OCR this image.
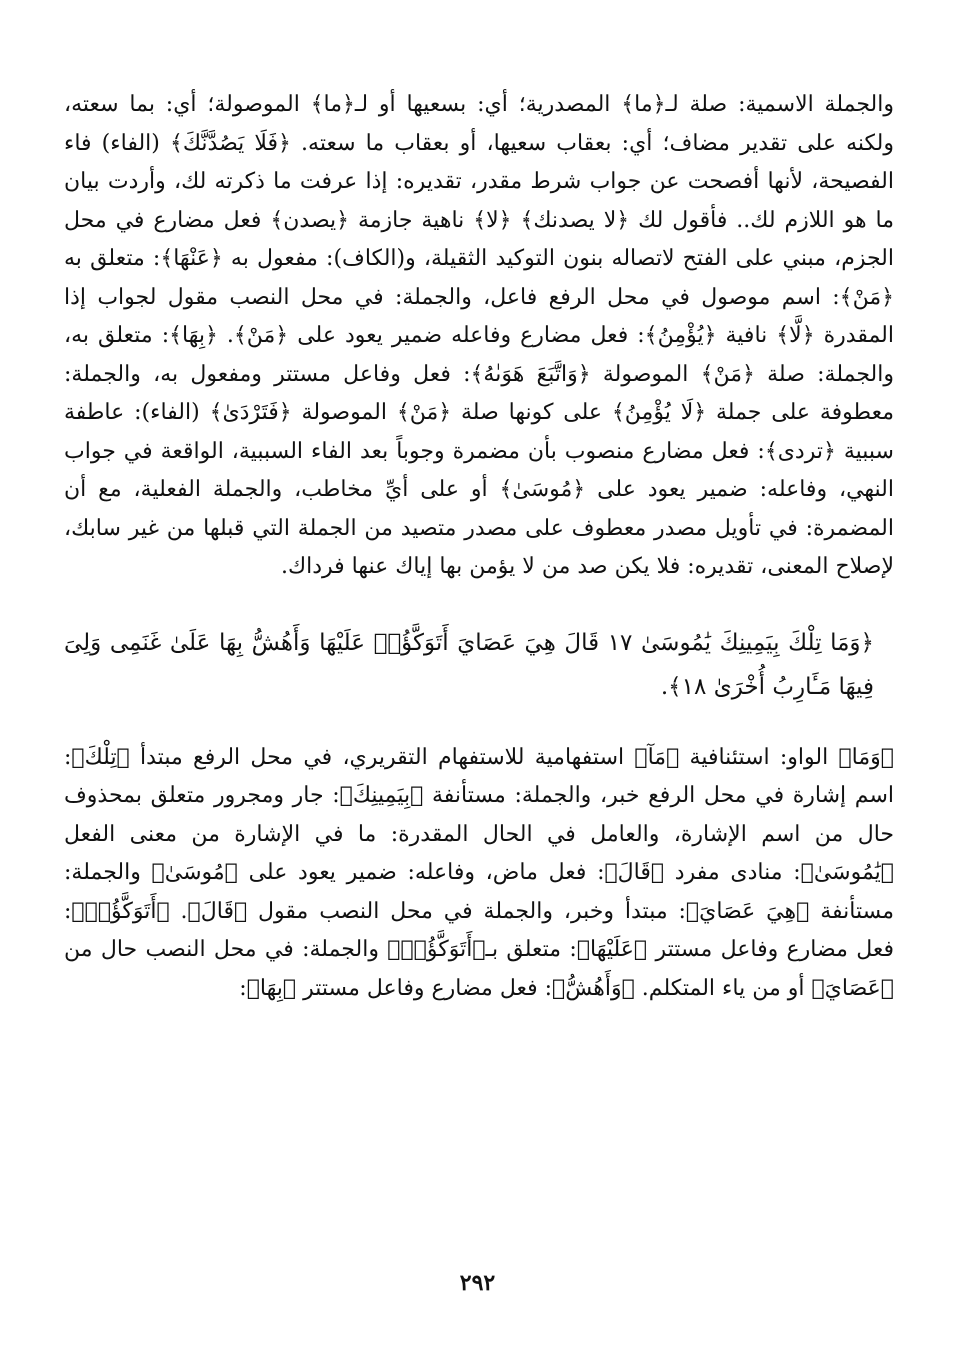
والجملة الاسمية: صلة لـ﴿ما﴾ المصدرية؛ أي: بسعيها أو لـ﴿ما﴾ الموصولة؛ أي: بما سعته، ولكنه على تقدير مضاف؛ أي: بعقاب سعيها، أو بعقاب ما سعته. ﴿فَلَا يَصُدَّنَّكَ﴾ (الفاء) فاء الفصيحة، لأنها أفصحت عن جواب شرط مقدر، تقديره: إذا عرفت ما ذكرته لك، وأردت بيان ما هو اللازم لك.. فأقول لك ﴿لا يصدنك﴾ ﴿لا﴾ ناهية جازمة ﴿يصدن﴾ فعل مضارع في محل الجزم، مبني على الفتح لاتصاله بنون التوكيد الثقيلة، و(الكاف): مفعول به ﴿عَنْهَا﴾: متعلق به ﴿مَنْ﴾: اسم موصول في محل الرفع فاعل، والجملة: في محل النصب مقول لجواب إذا المقدرة ﴿لَّا﴾ نافية ﴿يُؤْمِنُ﴾: فعل مضارع وفاعله ضمير يعود على ﴿مَنْ﴾. ﴿بِهَا﴾: متعلق به، والجملة: صلة ﴿مَنْ﴾ الموصولة ﴿وَاتَّبَعَ هَوَىٰهُ﴾: فعل وفاعل مستتر ومفعول به، والجملة: معطوفة على جملة ﴿لَا يُؤْمِنُ﴾ على كونها صلة ﴿مَنْ﴾ الموصولة ﴿فَتَرْدَىٰ﴾ (الفاء): عاطفة سببية ﴿تردى﴾: فعل مضارع منصوب بأن مضمرة وجوباً بعد الفاء السببية، الواقعة في جواب النهي، وفاعله: ضمير يعود على ﴿مُوسَىٰ﴾ أو على أيِّ مخاطب، والجملة الفعلية، مع أن المضمرة: في تأويل مصدر معطوف على مصدر متصيد من الجملة التي قبلها من غير سابك، لإصلاح المعنى، تقديره: فلا يكن صد من لا يؤمن بها إياك عنها فرداك.

﴿وَمَا تِلْكَ بِيَمِينِكَ يَٰمُوسَىٰ ١٧ قَالَ هِيَ عَصَايَ أَتَوَكَّؤُا۟ عَلَيْهَا وَأَهُشُّ بِهَا عَلَىٰ غَنَمِى وَلِىَ فِيهَا مَـَٔارِبُ أُخْرَىٰ ١٨﴾.

﴿وَمَا﴾ الواو: استئنافية ﴿مَآ﴾ استفهامية للاستفهام التقريري، في محل الرفع مبتدأ ﴿تِلْكَ﴾: اسم إشارة في محل الرفع خبر، والجملة: مستأنفة ﴿بِيَمِينِكَ﴾: جار ومجرور متعلق بمحذوف حال من اسم الإشارة، والعامل في الحال المقدرة: ما في الإشارة من معنى الفعل ﴿يَٰمُوسَىٰ﴾: منادى مفرد ﴿قَالَ﴾: فعل ماض، وفاعله: ضمير يعود على ﴿مُوسَىٰ﴾ والجملة: مستأنفة ﴿هِيَ عَصَايَ﴾: مبتدأ وخبر، والجملة في محل النصب مقول ﴿قَالَ﴾. ﴿أَتَوَكَّؤُا۟﴾: فعل مضارع وفاعل مستتر ﴿عَلَيْهَا﴾: متعلق بـ﴿أَتَوَكَّؤُا۟﴾ والجملة: في محل النصب حال من ﴿عَصَايَ﴾ أو من ياء المتكلم. ﴿وَأَهُشُّ﴾: فعل مضارع وفاعل مستتر ﴿بِهَا﴾:

٢٩٢
